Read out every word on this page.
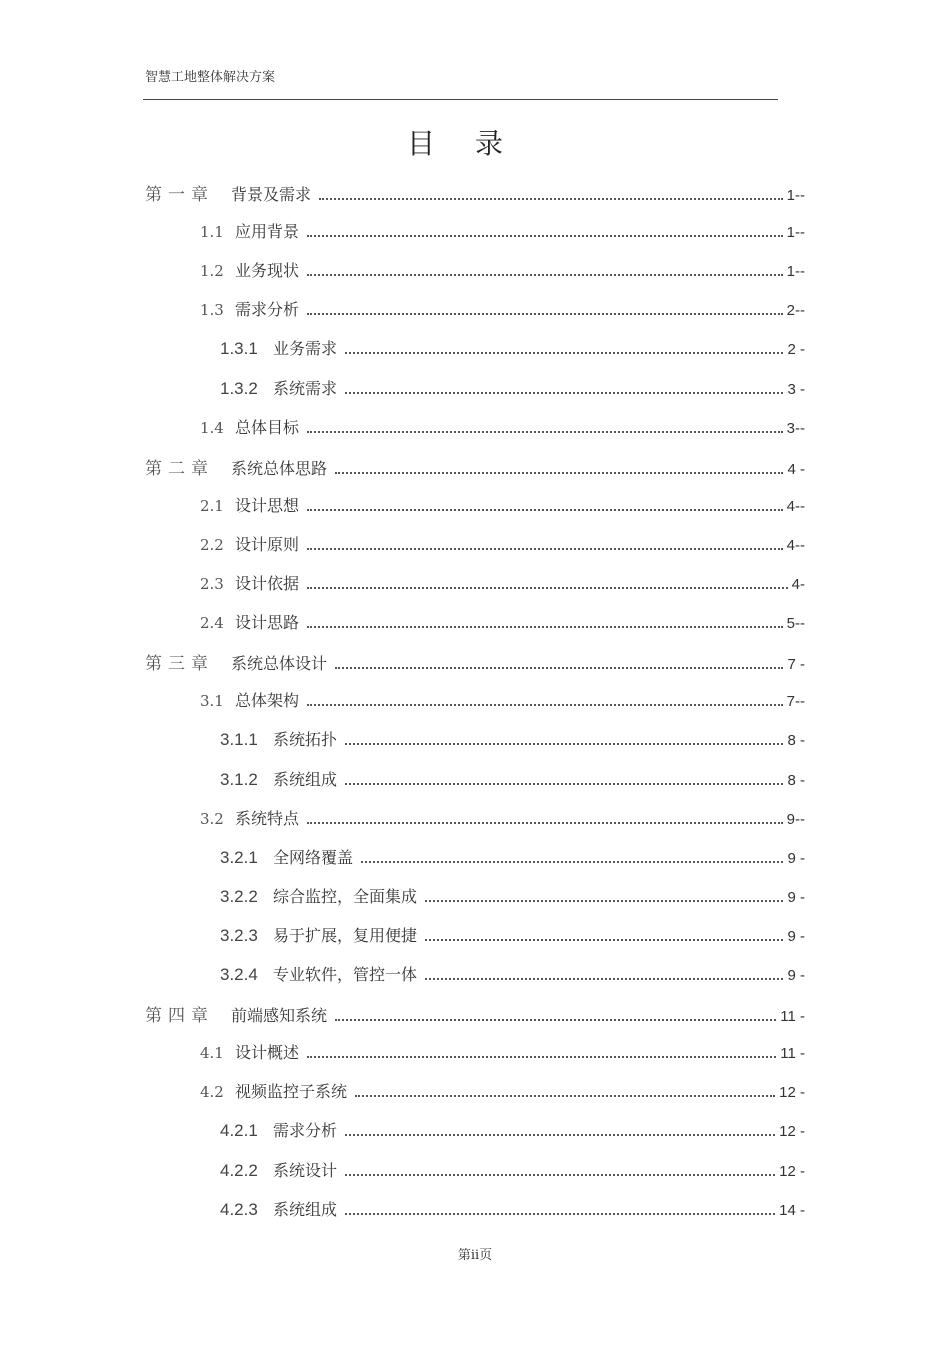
智慧工地整体解决方案
目录
第一章	背景及需求	1--
1.1 应用背景	1--
1.2 业务现状	1--
1.3 需求分析	2--
1.3.1 业务需求	2 -
1.3.2 系统需求	3 -
1.4 总体目标	3--
第二章	系统总体思路	4 -
2.1 设计思想	4--
2.2 设计原则	4--
2.3 设计依据	4-
2.4 设计思路	5--
第三章	系统总体设计	7 -
3.1 总体架构	7--
3.1.1 系统拓扑	8 -
3.1.2 系统组成	8 -
3.2 系统特点	9--
3.2.1 全网络覆盖	9 -
3.2.2 综合监控，全面集成	9 -
3.2.3 易于扩展，复用便捷	9 -
3.2.4 专业软件，管控一体	9 -
第四章	前端感知系统	11 -
4.1 设计概述	11 -
4.2 视频监控子系统	12 -
4.2.1 需求分析	12 -
4.2.2 系统设计	12 -
4.2.3 系统组成	14 -
第ii页
